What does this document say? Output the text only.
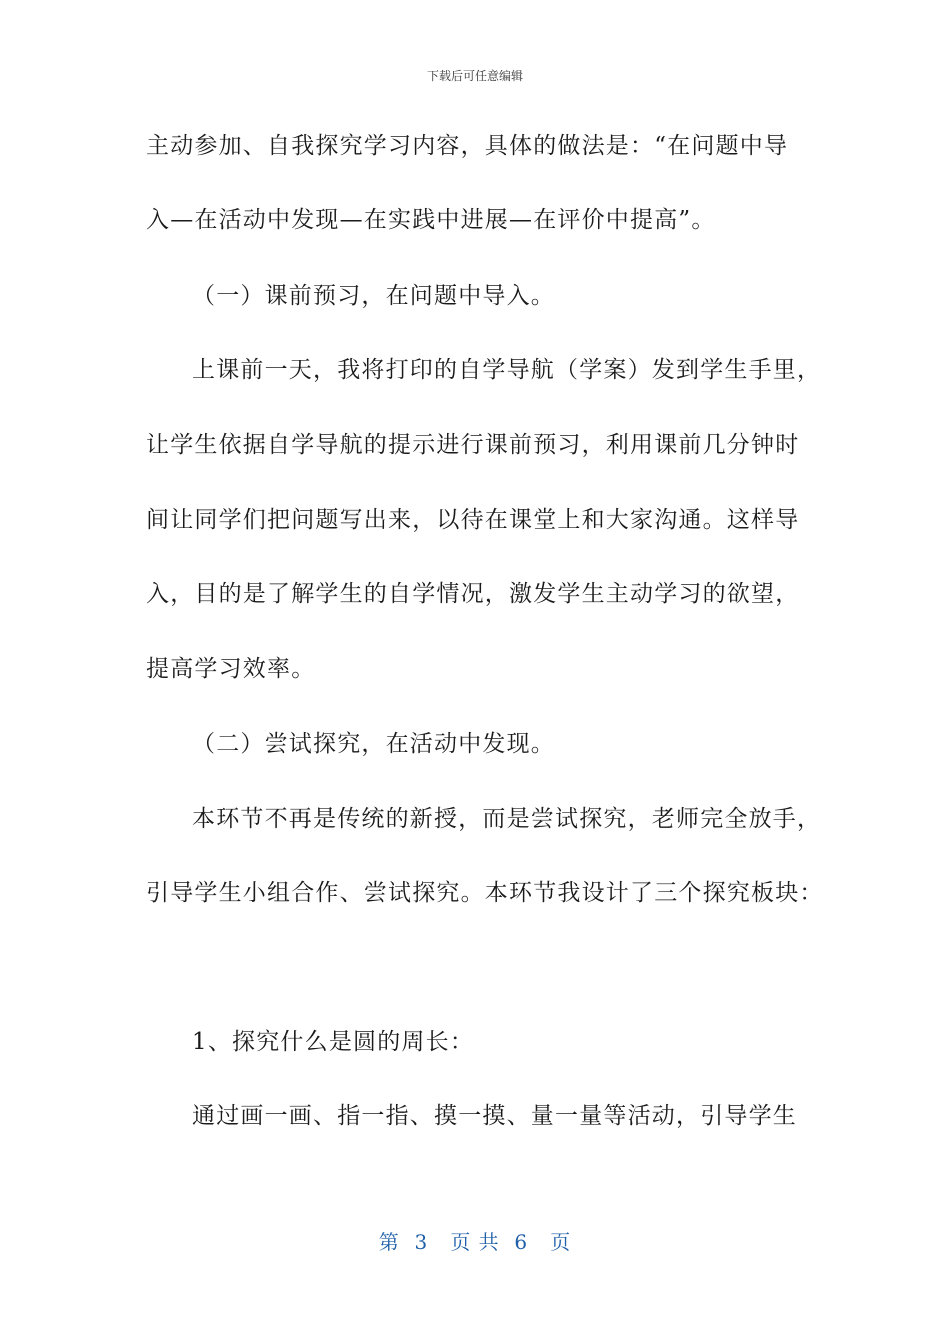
下载后可任意编辑
主动参加、自我探究学习内容，具体的做法是：“在问题中导
入—在活动中发现—在实践中进展—在评价中提高”。
（一）课前预习，在问题中导入。
上课前一天，我将打印的自学导航（学案）发到学生手里，
让学生依据自学导航的提示进行课前预习，利用课前几分钟时
间让同学们把问题写出来，以待在课堂上和大家沟通。这样导
入，目的是了解学生的自学情况，激发学生主动学习的欲望，
提高学习效率。
（二）尝试探究，在活动中发现。
本环节不再是传统的新授，而是尝试探究，老师完全放手，
引导学生小组合作、尝试探究。本环节我设计了三个探究板块：
1、探究什么是圆的周长：
通过画一画、指一指、摸一摸、量一量等活动，引导学生
第 3 页 共 6 页
